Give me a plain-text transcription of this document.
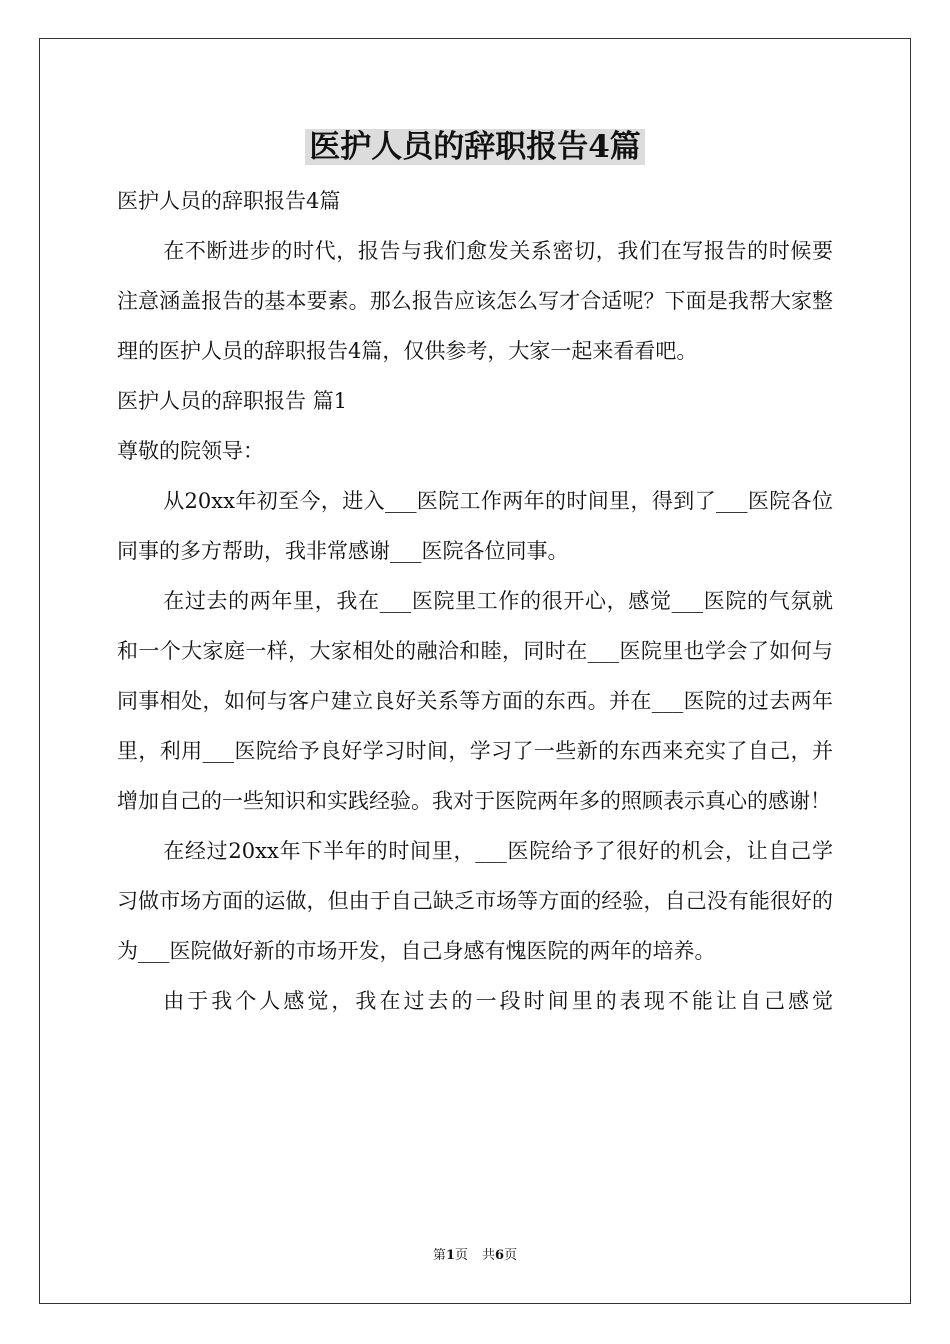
医护人员的辞职报告4篇

医护人员的辞职报告4篇

在不断进步的时代，报告与我们愈发关系密切，我们在写报告的时候要注意涵盖报告的基本要素。那么报告应该怎么写才合适呢？下面是我帮大家整理的医护人员的辞职报告4篇，仅供参考，大家一起来看看吧。

医护人员的辞职报告 篇1

尊敬的院领导：

从20xx年初至今，进入___医院工作两年的时间里，得到了___医院各位同事的多方帮助，我非常感谢___医院各位同事。

在过去的两年里，我在___医院里工作的很开心，感觉___医院的气氛就和一个大家庭一样，大家相处的融洽和睦，同时在___医院里也学会了如何与同事相处，如何与客户建立良好关系等方面的东西。并在___医院的过去两年里，利用___医院给予良好学习时间，学习了一些新的东西来充实了自己，并增加自己的一些知识和实践经验。我对于医院两年多的照顾表示真心的感谢！

在经过20xx年下半年的时间里，___医院给予了很好的机会，让自己学习做市场方面的运做，但由于自己缺乏市场等方面的经验，自己没有能很好的为___医院做好新的市场开发，自己身感有愧医院的两年的培养。

由于我个人感觉，我在过去的一段时间里的表现不能让自己感觉

第1页 共6页
